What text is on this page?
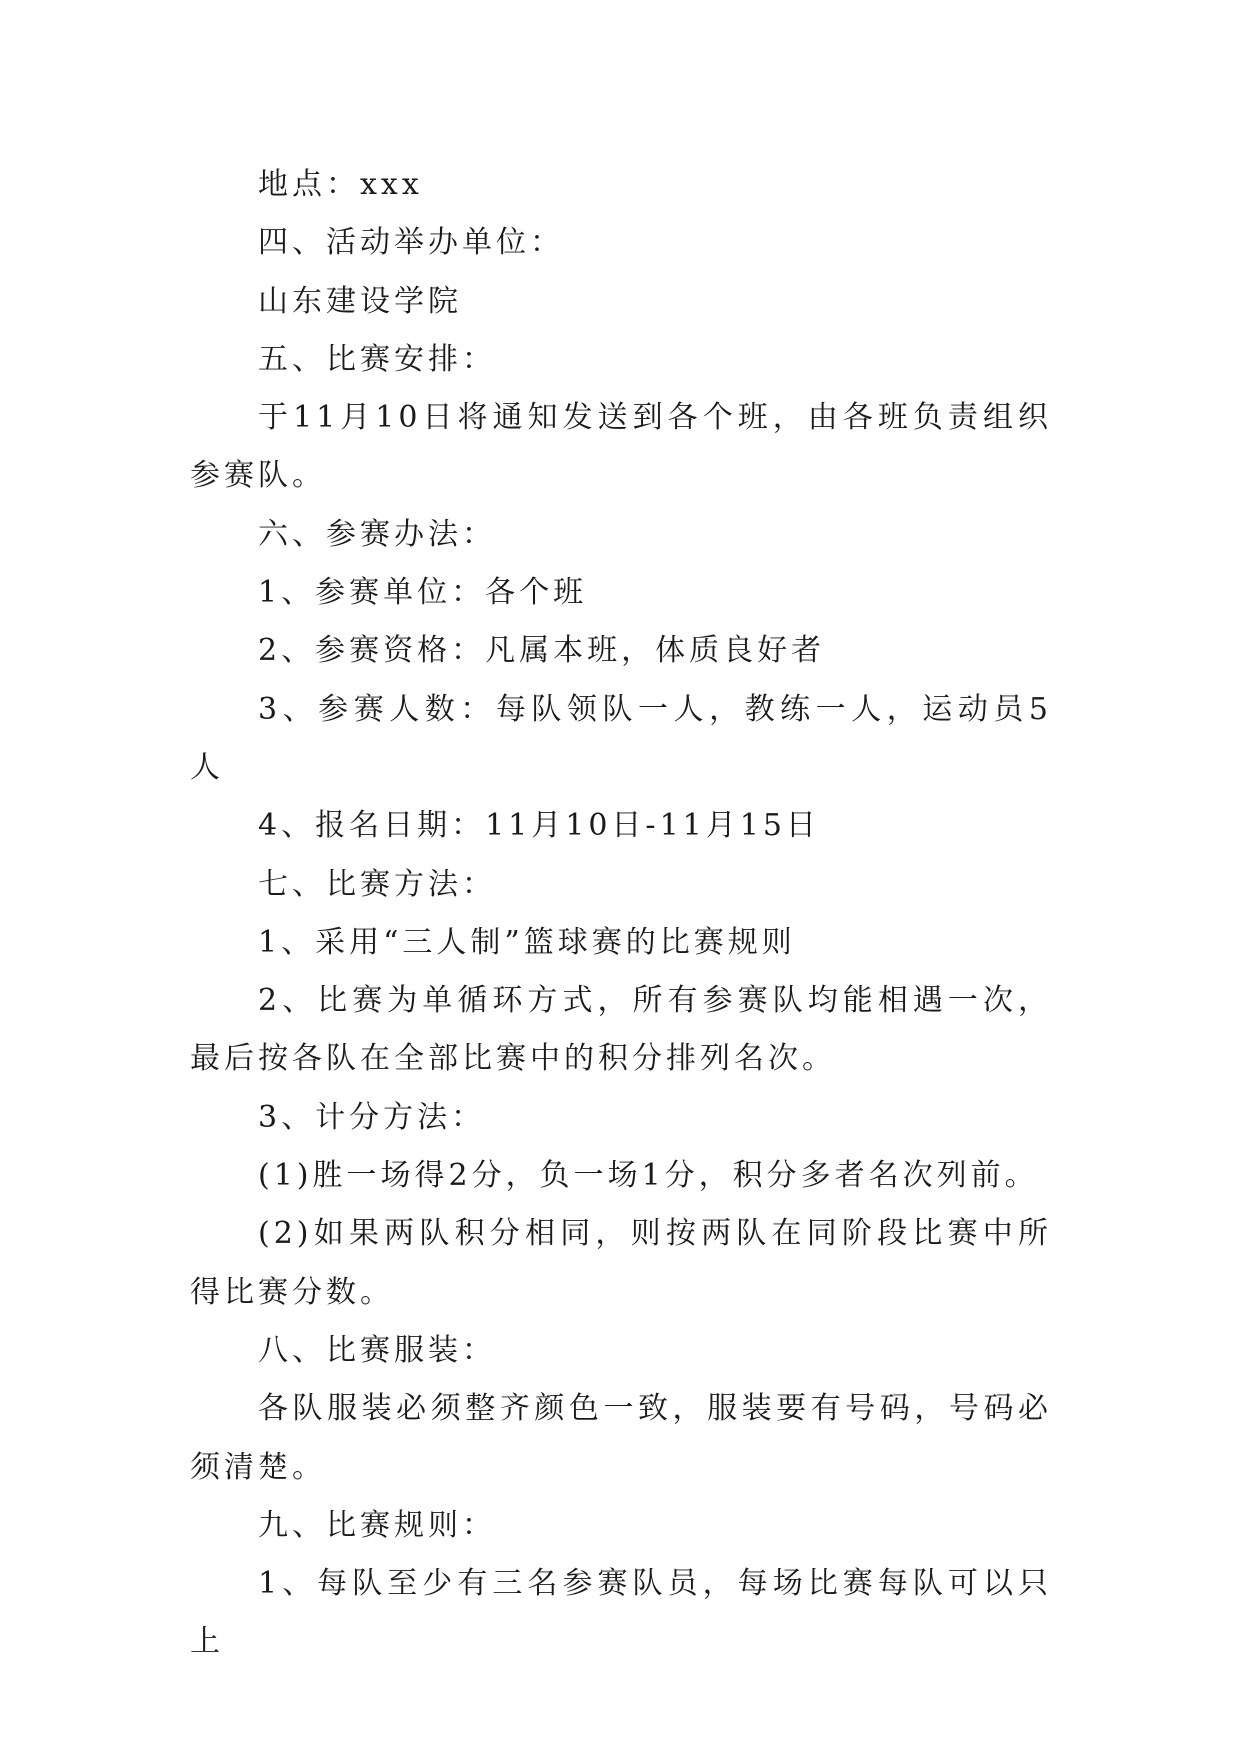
地点：xxx

四、活动举办单位：

山东建设学院

五、比赛安排：

于11月10日将通知发送到各个班，由各班负责组织参赛队。

六、参赛办法：

1、参赛单位：各个班

2、参赛资格：凡属本班，体质良好者

3、参赛人数：每队领队一人，教练一人，运动员5人

4、报名日期：11月10日-11月15日

七、比赛方法：

1、采用“三人制”篮球赛的比赛规则

2、比赛为单循环方式，所有参赛队均能相遇一次，最后按各队在全部比赛中的积分排列名次。

3、计分方法：

(1)胜一场得2分，负一场1分，积分多者名次列前。

(2)如果两队积分相同，则按两队在同阶段比赛中所得比赛分数。

八、比赛服装：

各队服装必须整齐颜色一致，服装要有号码，号码必须清楚。

九、比赛规则：

1、每队至少有三名参赛队员，每场比赛每队可以只上
